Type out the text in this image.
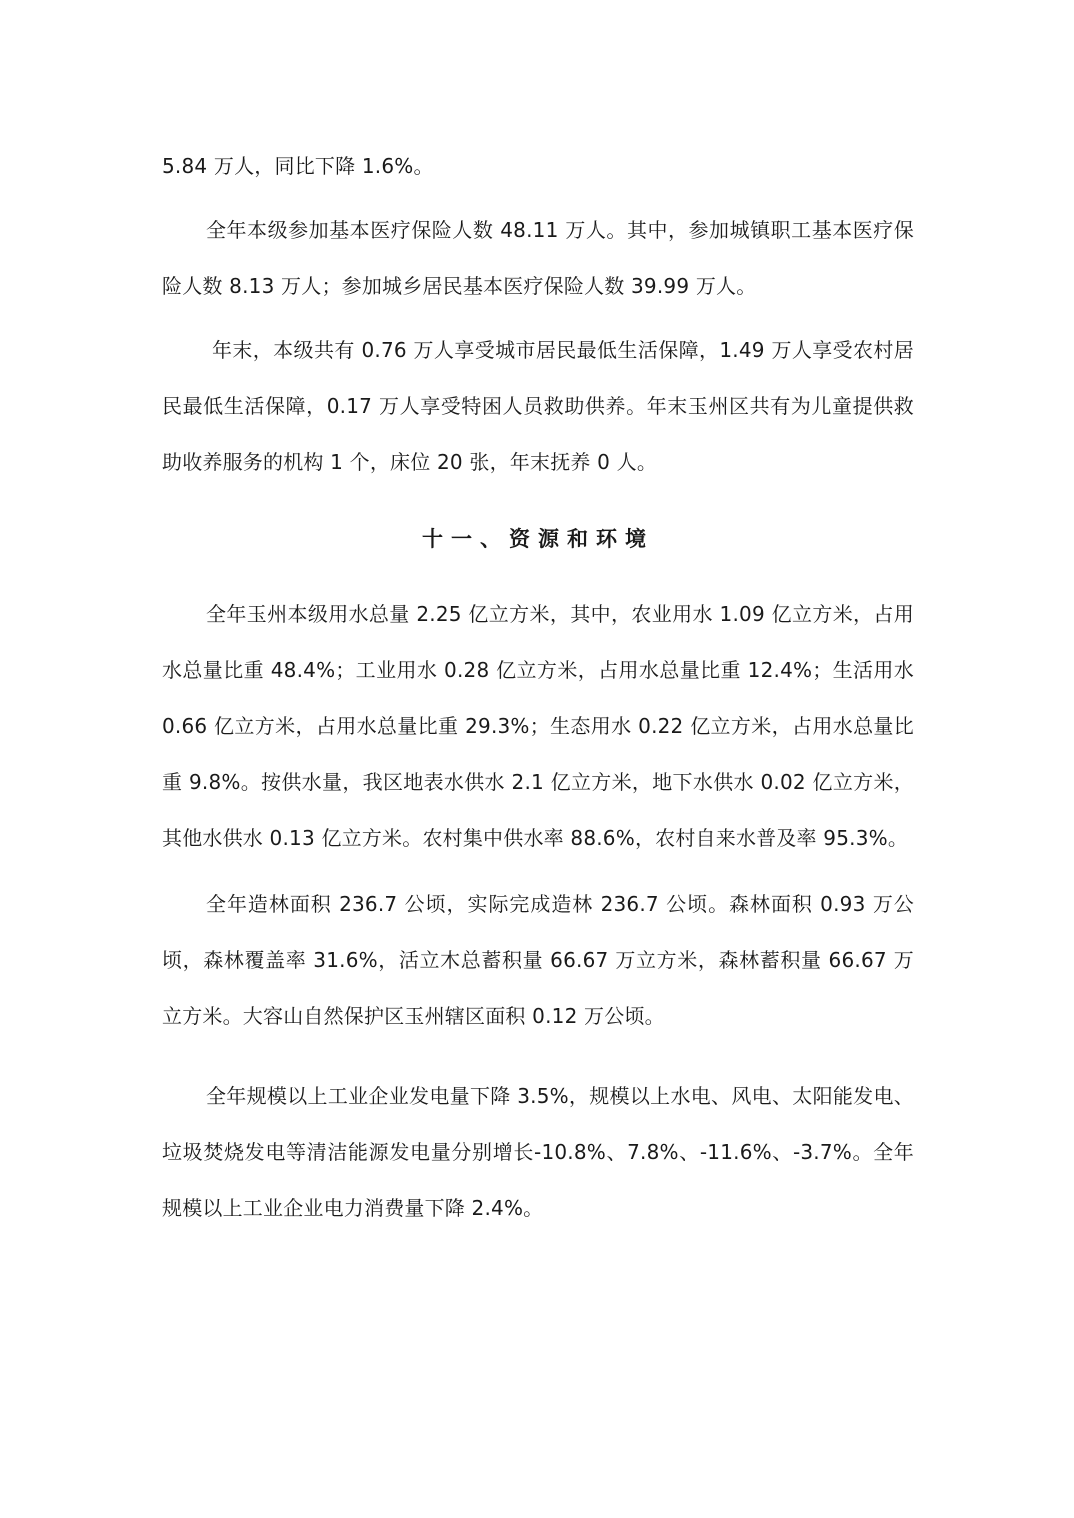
5.84 万人，同比下降 1.6%。

全年本级参加基本医疗保险人数 48.11 万人。其中，参加城镇职工基本医疗保险人数 8.13 万人；参加城乡居民基本医疗保险人数 39.99 万人。

年末，本级共有 0.76 万人享受城市居民最低生活保障，1.49 万人享受农村居民最低生活保障，0.17 万人享受特困人员救助供养。年末玉州区共有为儿童提供救助收养服务的机构 1 个，床位 20 张，年末抚养 0 人。

十一、资源和环境

全年玉州本级用水总量 2.25 亿立方米，其中，农业用水 1.09 亿立方米，占用水总量比重 48.4%；工业用水 0.28 亿立方米，占用水总量比重 12.4%；生活用水 0.66 亿立方米，占用水总量比重 29.3%；生态用水 0.22 亿立方米，占用水总量比重 9.8%。按供水量，我区地表水供水 2.1 亿立方米，地下水供水 0.02 亿立方米，其他水供水 0.13 亿立方米。农村集中供水率 88.6%，农村自来水普及率 95.3%。

全年造林面积 236.7 公顷，实际完成造林 236.7 公顷。森林面积 0.93 万公顷，森林覆盖率 31.6%，活立木总蓄积量 66.67 万立方米，森林蓄积量 66.67 万立方米。大容山自然保护区玉州辖区面积 0.12 万公顷。

全年规模以上工业企业发电量下降 3.5%，规模以上水电、风电、太阳能发电、垃圾焚烧发电等清洁能源发电量分别增长-10.8%、7.8%、-11.6%、-3.7%。全年规模以上工业企业电力消费量下降 2.4%。
